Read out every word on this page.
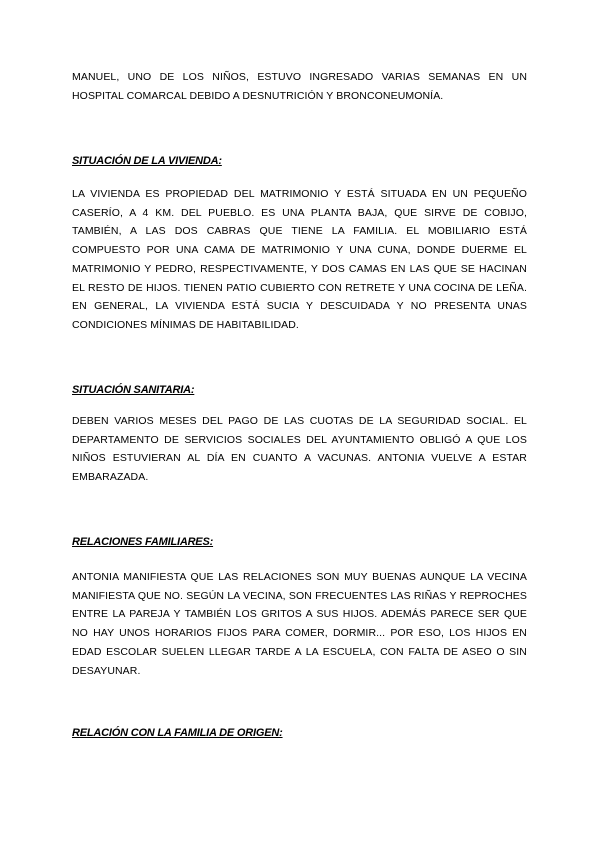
MANUEL, UNO DE LOS NIÑOS, ESTUVO INGRESADO VARIAS SEMANAS EN UN HOSPITAL COMARCAL DEBIDO A DESNUTRICIÓN Y BRONCONEUMONÍA.

SITUACIÓN DE LA VIVIENDA:

LA VIVIENDA ES PROPIEDAD DEL MATRIMONIO Y ESTÁ SITUADA EN UN PEQUEÑO CASERÍO, A 4 KM. DEL PUEBLO. ES UNA PLANTA BAJA, QUE SIRVE DE COBIJO, TAMBIÉN, A LAS DOS CABRAS QUE TIENE LA FAMILIA. EL MOBILIARIO ESTÁ COMPUESTO POR UNA CAMA DE MATRIMONIO Y UNA CUNA, DONDE DUERME EL MATRIMONIO Y PEDRO, RESPECTIVAMENTE, Y DOS CAMAS EN LAS QUE SE HACINAN EL RESTO DE HIJOS. TIENEN PATIO CUBIERTO CON RETRETE Y UNA COCINA DE LEÑA. EN GENERAL, LA VIVIENDA ESTÁ SUCIA Y DESCUIDADA Y NO PRESENTA UNAS CONDICIONES MÍNIMAS DE HABITABILIDAD.

SITUACIÓN SANITARIA:

DEBEN VARIOS MESES DEL PAGO DE LAS CUOTAS DE LA SEGURIDAD SOCIAL. EL DEPARTAMENTO DE SERVICIOS SOCIALES DEL AYUNTAMIENTO OBLIGÓ A QUE LOS NIÑOS ESTUVIERAN AL DÍA EN CUANTO A VACUNAS. ANTONIA VUELVE A ESTAR EMBARAZADA.

RELACIONES FAMILIARES:

ANTONIA MANIFIESTA QUE LAS RELACIONES SON MUY BUENAS AUNQUE LA VECINA MANIFIESTA QUE NO. SEGÚN LA VECINA, SON FRECUENTES LAS RIÑAS Y REPROCHES ENTRE LA PAREJA Y TAMBIÉN LOS GRITOS A SUS HIJOS. ADEMÁS PARECE SER QUE NO HAY UNOS HORARIOS FIJOS PARA COMER, DORMIR... POR ESO, LOS HIJOS EN EDAD ESCOLAR SUELEN LLEGAR TARDE A LA ESCUELA, CON FALTA DE ASEO O SIN DESAYUNAR.

RELACIÓN CON LA FAMILIA DE ORIGEN:
